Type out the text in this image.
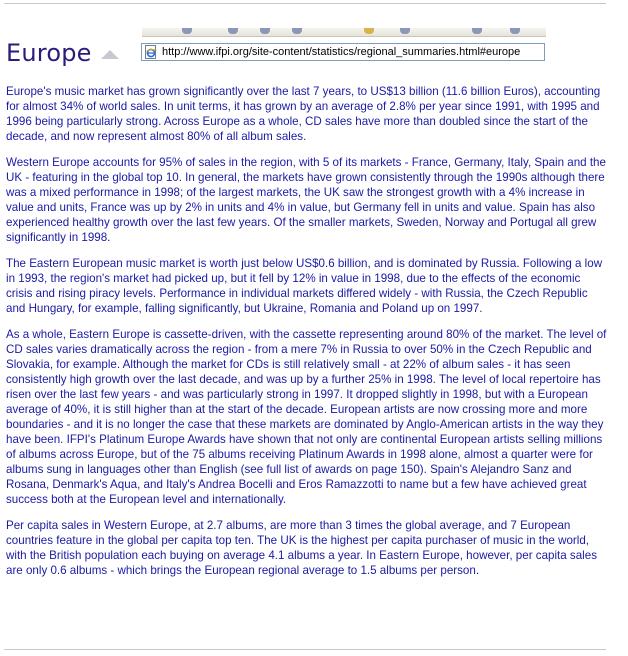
Europe	http://www.ifpi.org/site-content/statistics/regional_summaries.html#europe

Europe's music market has grown significantly over the last 7 years, to US$13 billion (11.6 billion Euros), accounting for almost 34% of world sales. In unit terms, it has grown by an average of 2.8% per year since 1991, with 1995 and 1996 being particularly strong. Across Europe as a whole, CD sales have more than doubled since the start of the decade, and now represent almost 80% of all album sales.

Western Europe accounts for 95% of sales in the region, with 5 of its markets - France, Germany, Italy, Spain and the UK - featuring in the global top 10. In general, the markets have grown consistently through the 1990s although there was a mixed performance in 1998; of the largest markets, the UK saw the strongest growth with a 4% increase in value and units, France was up by 2% in units and 4% in value, but Germany fell in units and value. Spain has also experienced healthy growth over the last few years. Of the smaller markets, Sweden, Norway and Portugal all grew significantly in 1998.

The Eastern European music market is worth just below US$0.6 billion, and is dominated by Russia. Following a low in 1993, the region's market had picked up, but it fell by 12% in value in 1998, due to the effects of the economic crisis and rising piracy levels. Performance in individual markets differed widely - with Russia, the Czech Republic and Hungary, for example, falling significantly, but Ukraine, Romania and Poland up on 1997.

As a whole, Eastern Europe is cassette-driven, with the cassette representing around 80% of the market. The level of CD sales varies dramatically across the region - from a mere 7% in Russia to over 50% in the Czech Republic and Slovakia, for example. Although the market for CDs is still relatively small - at 22% of album sales - it has seen consistently high growth over the last decade, and was up by a further 25% in 1998. The level of local repertoire has risen over the last few years - and was particularly strong in 1997. It dropped slightly in 1998, but with a European average of 40%, it is still higher than at the start of the decade. European artists are now crossing more and more boundaries - and it is no longer the case that these markets are dominated by Anglo-American artists in the way they have been. IFPI's Platinum Europe Awards have shown that not only are continental European artists selling millions of albums across Europe, but of the 75 albums receiving Platinum Awards in 1998 alone, almost a quarter were for albums sung in languages other than English (see full list of awards on page 150). Spain's Alejandro Sanz and Rosana, Denmark's Aqua, and Italy's Andrea Bocelli and Eros Ramazzotti to name but a few have achieved great success both at the European level and internationally.

Per capita sales in Western Europe, at 2.7 albums, are more than 3 times the global average, and 7 European countries feature in the global per capita top ten. The UK is the highest per capita purchaser of music in the world, with the British population each buying on average 4.1 albums a year. In Eastern Europe, however, per capita sales are only 0.6 albums - which brings the European regional average to 1.5 albums per person.
